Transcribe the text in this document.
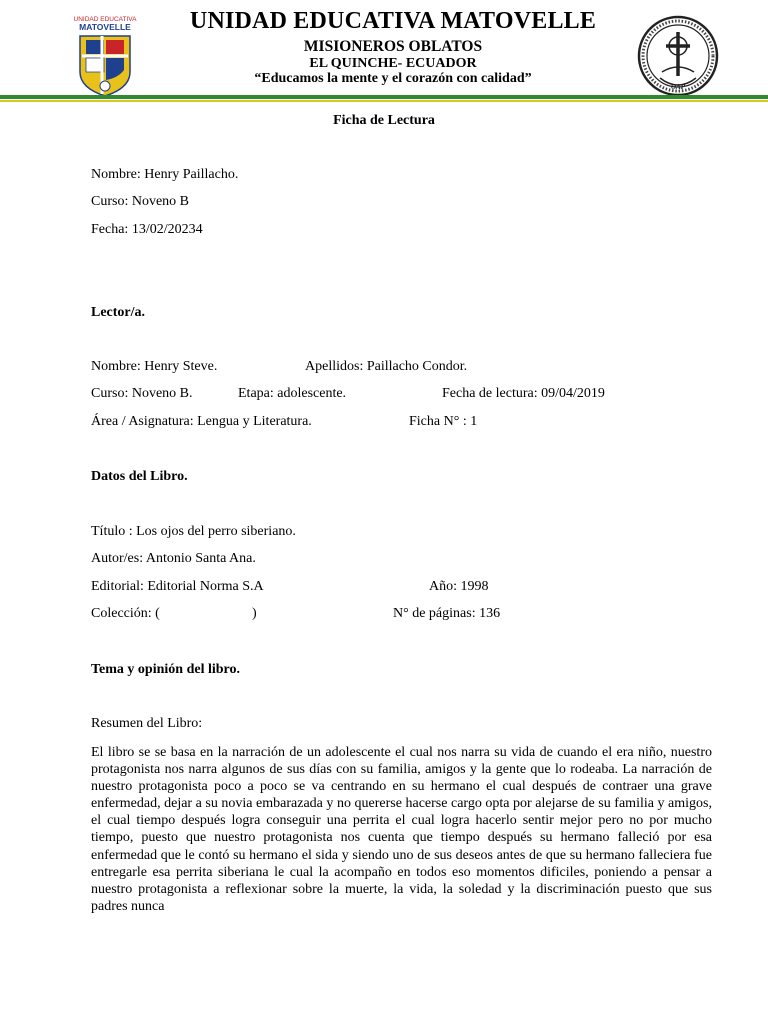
UNIDAD EDUCATIVA
MATOVELLE
OAP
UNIDAD EDUCATIVA MATOVELLE
MISIONEROS OBLATOS
EL QUINCHE- ECUADOR
“Educamos la mente y el corazón con calidad”
Ficha de Lectura
Nombre: Henry Paillacho.
Curso: Noveno B
Fecha: 13/02/20234
Lector/a.
Nombre: Henry Steve.	Apellidos: Paillacho Condor.
Curso: Noveno B.	Etapa: adolescente.	Fecha de lectura: 09/04/2019
Área / Asignatura: Lengua y Literatura.	Ficha N° : 1
Datos del Libro.
Título : Los ojos del perro siberiano.
Autor/es: Antonio Santa Ana.
Editorial: Editorial Norma S.A	Año: 1998
Colección: (	)	N° de páginas: 136
Tema y opinión del libro.
Resumen del Libro:
El libro se se basa en la narración de un adolescente el cual nos narra su vida de cuando el era niño, nuestro protagonista nos narra algunos de sus días con su familia, amigos y la gente que lo rodeaba. La narración de nuestro protagonista poco a poco se va centrando en su hermano el cual después de contraer una grave enfermedad, dejar a su novia embarazada y no quererse hacerse cargo opta por alejarse de su familia y amigos, el cual tiempo después logra conseguir una perrita el cual logra hacerlo sentir mejor pero no por mucho tiempo, puesto que nuestro protagonista nos cuenta que tiempo después su hermano falleció por esa enfermedad que le contó su hermano el sida y siendo uno de sus deseos antes de que su hermano falleciera fue entregarle esa perrita siberiana le cual la acompaño en todos eso momentos dificiles, poniendo a pensar a nuestro protagonista a reflexionar sobre la muerte, la vida, la soledad y la discriminación puesto que sus padres nunca
